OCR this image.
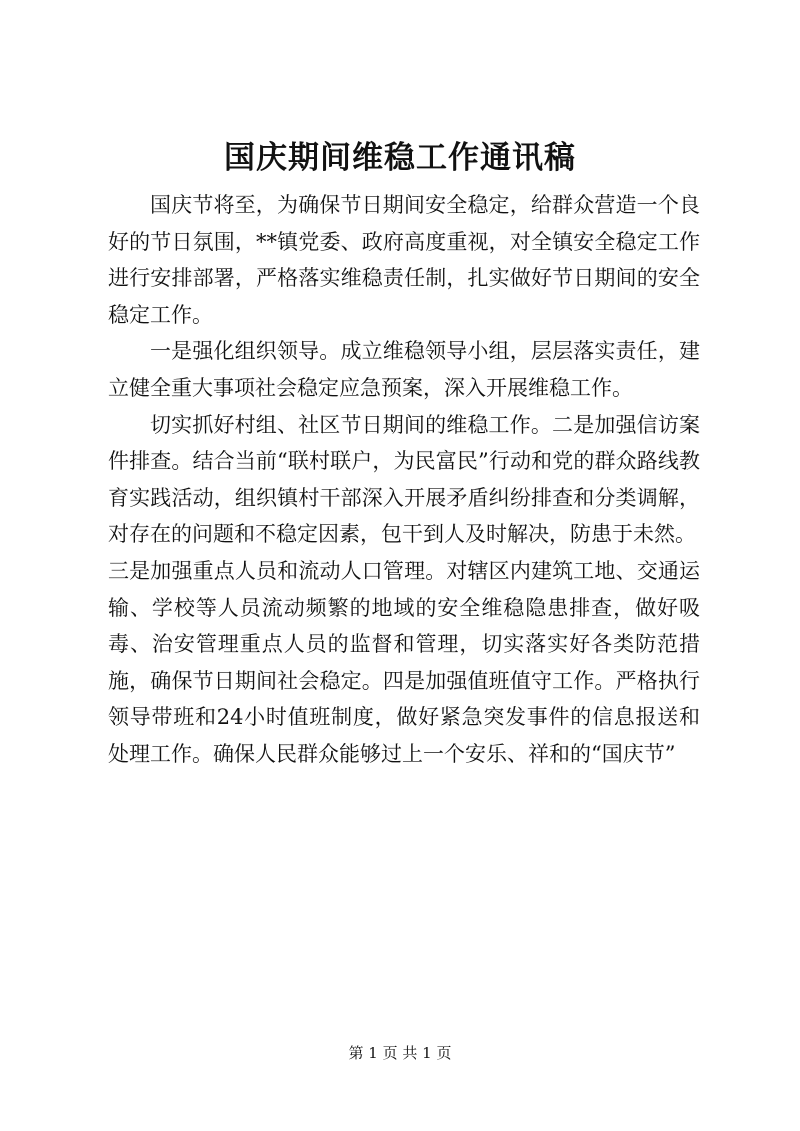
国庆期间维稳工作通讯稿

国庆节将至，为确保节日期间安全稳定，给群众营造一个良好的节日氛围，**镇党委、政府高度重视，对全镇安全稳定工作进行安排部署，严格落实维稳责任制，扎实做好节日期间的安全稳定工作。

一是强化组织领导。成立维稳领导小组，层层落实责任，建立健全重大事项社会稳定应急预案，深入开展维稳工作。

切实抓好村组、社区节日期间的维稳工作。二是加强信访案件排查。结合当前“联村联户，为民富民”行动和党的群众路线教育实践活动，组织镇村干部深入开展矛盾纠纷排查和分类调解，对存在的问题和不稳定因素，包干到人及时解决，防患于未然。

三是加强重点人员和流动人口管理。对辖区内建筑工地、交通运输、学校等人员流动频繁的地域的安全维稳隐患排查，做好吸毒、治安管理重点人员的监督和管理，切实落实好各类防范措施，确保节日期间社会稳定。四是加强值班值守工作。严格执行领导带班和24小时值班制度，做好紧急突发事件的信息报送和处理工作。确保人民群众能够过上一个安乐、祥和的“国庆节”

第 1 页 共 1 页
